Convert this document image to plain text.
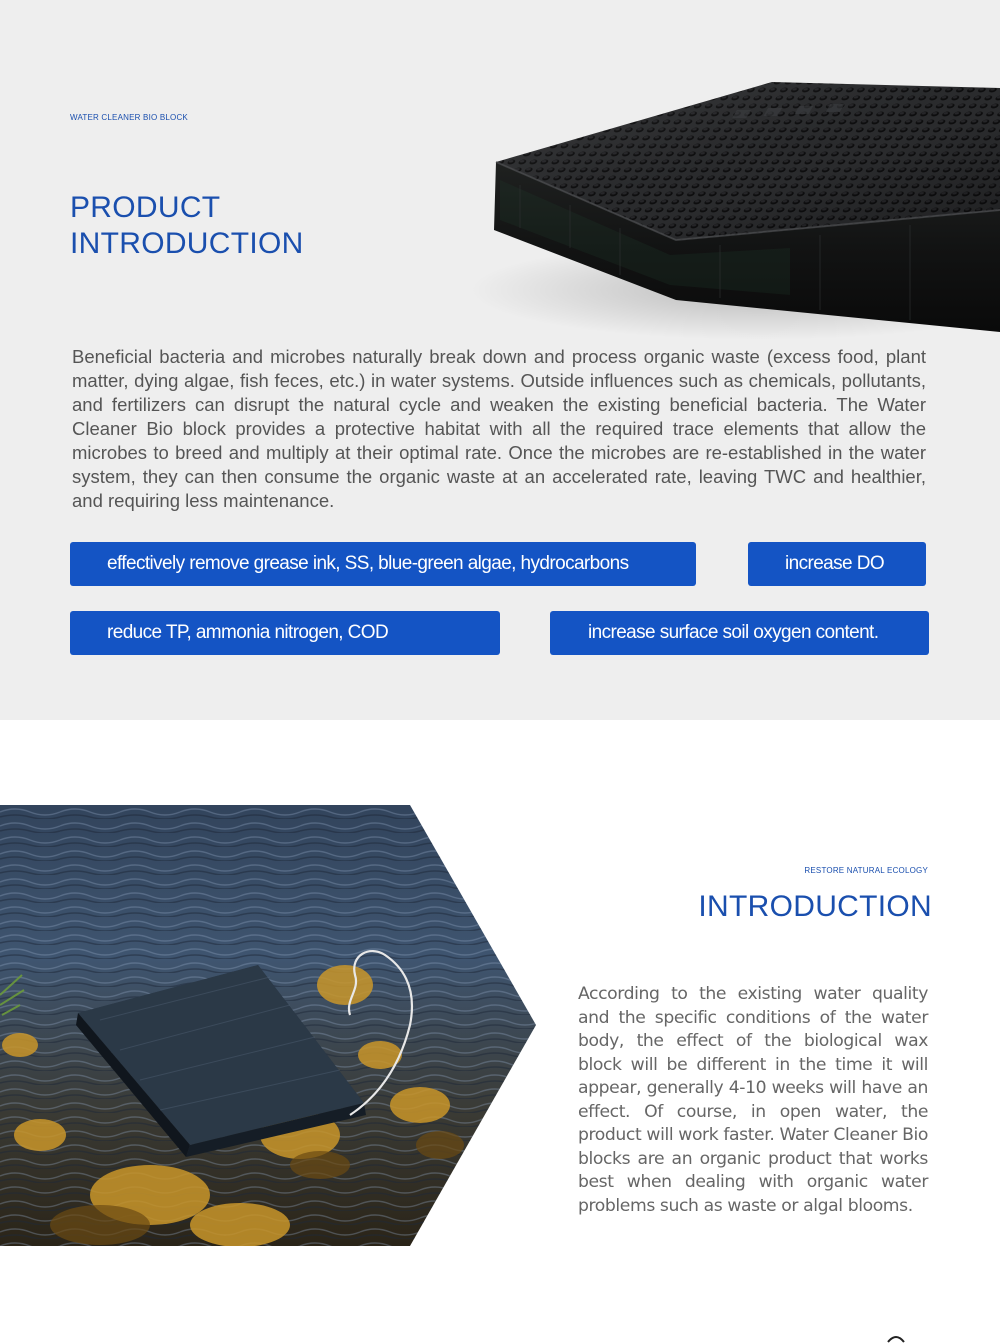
WATER CLEANER BIO BLOCK
PRODUCT
INTRODUCTION

Beneficial bacteria and microbes naturally break down and process organic waste (excess food, plant matter, dying algae, fish feces, etc.) in water systems. Outside influences such as chemicals, pollutants, and fertilizers can disrupt the natural cycle and weaken the existing beneficial bacteria. The Water Cleaner Bio block provides a protective habitat with all the required trace elements that allow the microbes to breed and multiply at their optimal rate. Once the microbes are re-established in the water system, they can then consume the organic waste at an accelerated rate, leaving TWC and healthier, and requiring less maintenance.

effectively remove grease ink, SS, blue-green algae, hydrocarbons	increase DO
reduce TP, ammonia nitrogen, COD	increase surface soil oxygen content.
RESTORE NATURAL ECOLOGY
INTRODUCTION

According to the existing water quality and the specific conditions of the water body, the effect of the biological wax block will be different in the time it will appear, generally 4-10 weeks will have an effect. Of course, in open water, the product will work faster. Water Cleaner Bio blocks are an organic product that works best when dealing with organic water problems such as waste or algal blooms.
